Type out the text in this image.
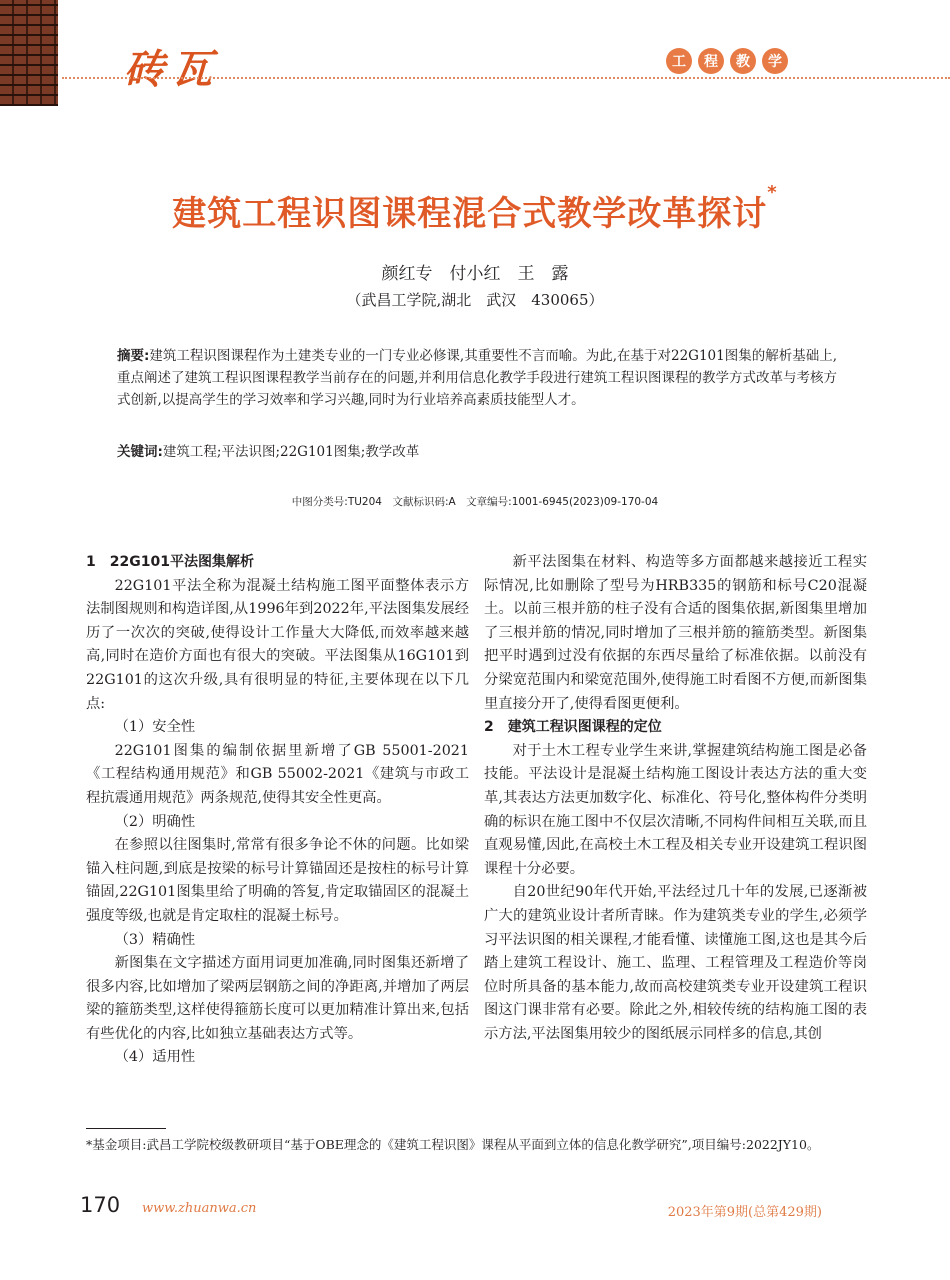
砖瓦	工	程	教	学
建筑工程识图课程混合式教学改革探讨*
颜红专　付小红　王　露
（武昌工学院,湖北　武汉　430065）
摘要:建筑工程识图课程作为土建类专业的一门专业必修课,其重要性不言而喻。为此,在基于对22G101图集的解析基础上,重点阐述了建筑工程识图课程教学当前存在的问题,并利用信息化教学手段进行建筑工程识图课程的教学方式改革与考核方式创新,以提高学生的学习效率和学习兴趣,同时为行业培养高素质技能型人才。
关键词:建筑工程;平法识图;22G101图集;教学改革
中图分类号:TU204　文献标识码:A　文章编号:1001-6945(2023)09-170-04
1　22G101平法图集解析

22G101平法全称为混凝土结构施工图平面整体表示方法制图规则和构造详图,从1996年到2022年,平法图集发展经历了一次次的突破,使得设计工作量大大降低,而效率越来越高,同时在造价方面也有很大的突破。平法图集从16G101到22G101的这次升级,具有很明显的特征,主要体现在以下几点:

（1）安全性

22G101图集的编制依据里新增了GB 55001-2021《工程结构通用规范》和GB 55002-2021《建筑与市政工程抗震通用规范》两条规范,使得其安全性更高。

（2）明确性

在参照以往图集时,常常有很多争论不休的问题。比如梁锚入柱问题,到底是按梁的标号计算锚固还是按柱的标号计算锚固,22G101图集里给了明确的答复,肯定取锚固区的混凝土强度等级,也就是肯定取柱的混凝土标号。

（3）精确性

新图集在文字描述方面用词更加准确,同时图集还新增了很多内容,比如增加了梁两层钢筋之间的净距离,并增加了两层梁的箍筋类型,这样使得箍筋长度可以更加精准计算出来,包括有些优化的内容,比如独立基础表达方式等。

（4）适用性

新平法图集在材料、构造等多方面都越来越接近工程实际情况,比如删除了型号为HRB335的钢筋和标号C20混凝土。以前三根并筋的柱子没有合适的图集依据,新图集里增加了三根并筋的情况,同时增加了三根并筋的箍筋类型。新图集把平时遇到过没有依据的东西尽量给了标准依据。以前没有分梁宽范围内和梁宽范围外,使得施工时看图不方便,而新图集里直接分开了,使得看图更便利。

2　建筑工程识图课程的定位

对于土木工程专业学生来讲,掌握建筑结构施工图是必备技能。平法设计是混凝土结构施工图设计表达方法的重大变革,其表达方法更加数字化、标准化、符号化,整体构件分类明确的标识在施工图中不仅层次清晰,不同构件间相互关联,而且直观易懂,因此,在高校土木工程及相关专业开设建筑工程识图课程十分必要。

自20世纪90年代开始,平法经过几十年的发展,已逐渐被广大的建筑业设计者所青睐。作为建筑类专业的学生,必须学习平法识图的相关课程,才能看懂、读懂施工图,这也是其今后踏上建筑工程设计、施工、监理、工程管理及工程造价等岗位时所具备的基本能力,故而高校建筑类专业开设建筑工程识图这门课非常有必要。除此之外,相较传统的结构施工图的表示方法,平法图集用较少的图纸展示同样多的信息,其创

*基金项目:武昌工学院校级教研项目“基于OBE理念的《建筑工程识图》课程从平面到立体的信息化教学研究”,项目编号:2022JY10。
170 www.zhuanwa.cn	2023年第9期(总第429期)
